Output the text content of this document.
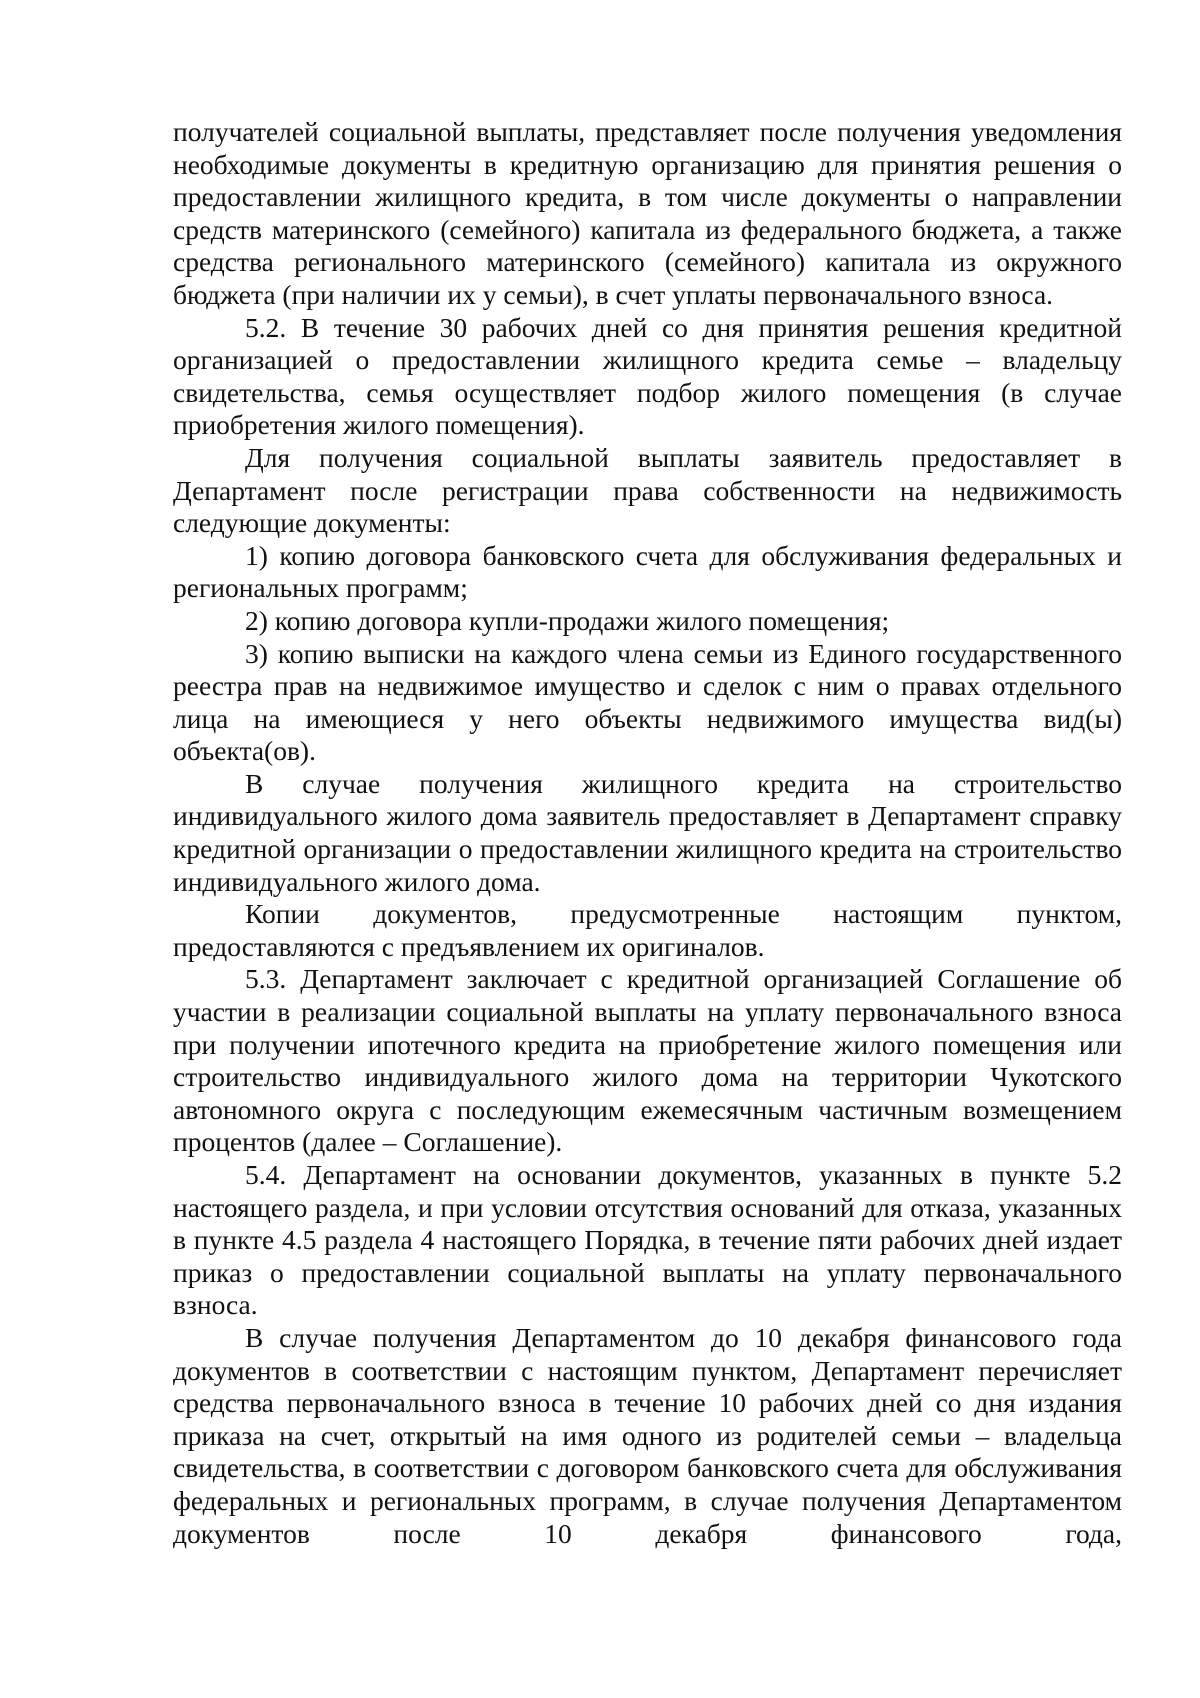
получателей социальной выплаты, представляет после получения уведомления необходимые документы в кредитную организацию для принятия решения о предоставлении жилищного кредита, в том числе документы о направлении средств материнского (семейного) капитала из федерального бюджета, а также средства регионального материнского (семейного) капитала из окружного бюджета (при наличии их у семьи), в счет уплаты первоначального взноса.

5.2. В течение 30 рабочих дней со дня принятия решения кредитной организацией о предоставлении жилищного кредита семье – владельцу свидетельства, семья осуществляет подбор жилого помещения (в случае приобретения жилого помещения).

Для получения социальной выплаты заявитель предоставляет в Департамент после регистрации права собственности на недвижимость следующие документы:

1) копию договора банковского счета для обслуживания федеральных и региональных программ;

2) копию договора купли-продажи жилого помещения;

3) копию выписки на каждого члена семьи из Единого государственного реестра прав на недвижимое имущество и сделок с ним о правах отдельного лица на имеющиеся у него объекты недвижимого имущества вид(ы) объекта(ов).

В случае получения жилищного кредита на строительство индивидуального жилого дома заявитель предоставляет в Департамент справку кредитной организации о предоставлении жилищного кредита на строительство индивидуального жилого дома.

Копии документов, предусмотренные настоящим пунктом, предоставляются с предъявлением их оригиналов.

5.3. Департамент заключает с кредитной организацией Соглашение об участии в реализации социальной выплаты на уплату первоначального взноса при получении ипотечного кредита на приобретение жилого помещения или строительство индивидуального жилого дома на территории Чукотского автономного округа с последующим ежемесячным частичным возмещением процентов (далее – Соглашение).

5.4. Департамент на основании документов, указанных в пункте 5.2 настоящего раздела, и при условии отсутствия оснований для отказа, указанных в пункте 4.5 раздела 4 настоящего Порядка, в течение пяти рабочих дней издает приказ о предоставлении социальной выплаты на уплату первоначального взноса.

В случае получения Департаментом до 10 декабря финансового года документов в соответствии с настоящим пунктом, Департамент перечисляет средства первоначального взноса в течение 10 рабочих дней со дня издания приказа на счет, открытый на имя одного из родителей семьи – владельца свидетельства, в соответствии с договором банковского счета для обслуживания федеральных и региональных программ, в случае получения Департаментом документов после 10 декабря финансового года,
